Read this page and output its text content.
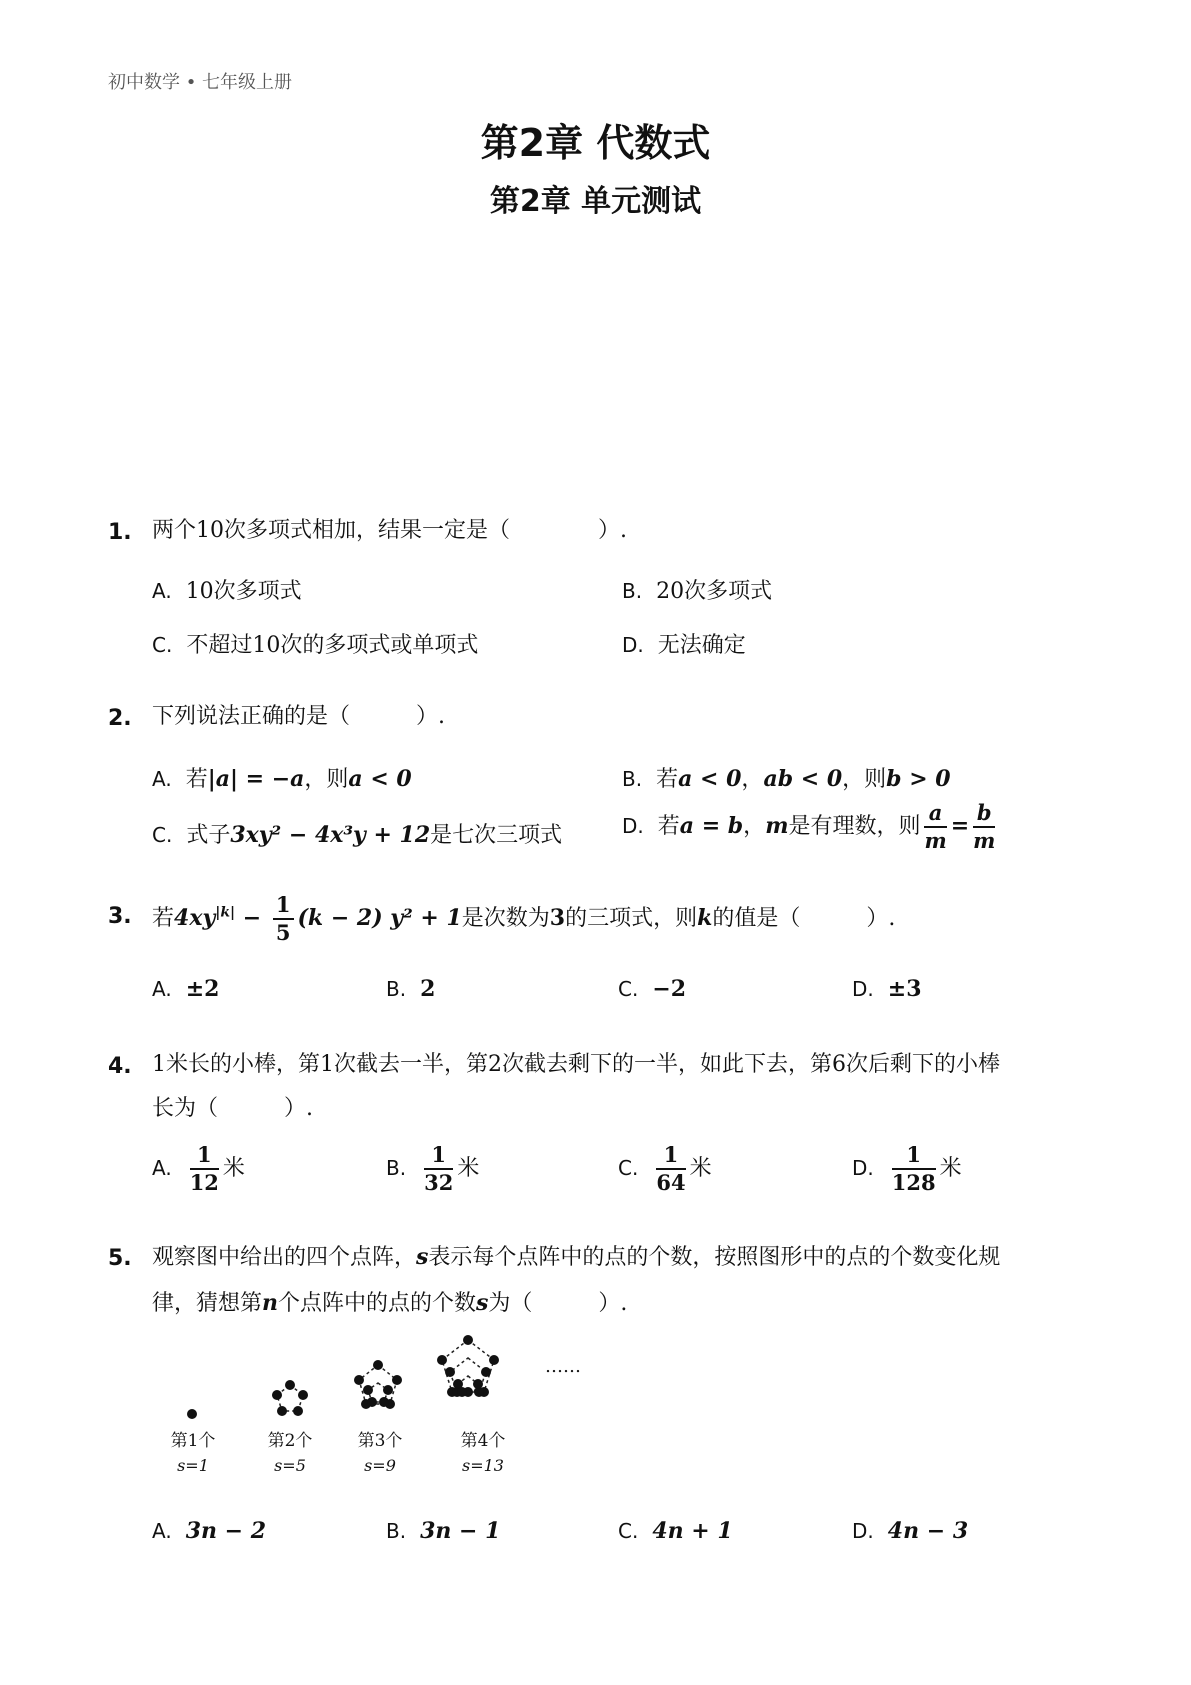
初中数学 • 七年级上册
第2章 代数式
第2章 单元测试
1. 两个10次多项式相加，结果一定是（　　　　）.
A. 10次多项式	B. 20次多项式
C. 不超过10次的多项式或单项式	D. 无法确定
2. 下列说法正确的是（　　　）.
A. 若|a| = −a，则a < 0	B. 若a < 0，ab < 0，则b > 0
C. 式子3xy² − 4x³y + 12是七次三项式	D. 若a = b，m是有理数，则 $\frac{a}{m} = \frac{b}{m}$
3. 若$4xy^{|k|} - \frac{1}{5} (k - 2) y^2 + 1$是次数为3的三项式，则k的值是（　　　）.
A. ±2	B. 2	C. −2	D. ±3
4. 1米长的小棒，第1次截去一半，第2次截去剩下的一半，如此下去，第6次后剩下的小棒
长为（　　　）.
A. $\frac{1}{12}$ 米	B. $\frac{1}{32}$ 米	C. $\frac{1}{64}$ 米	D. $\frac{1}{128}$ 米
5. 观察图中给出的四个点阵，s表示每个点阵中的点的个数，按照图形中的点的个数变化规
律，猜想第n个点阵中的点的个数s为（　　　）.
……
第1个	第2个	第3个	第4个
s=1	s=5	s=9	s=13
A. 3n − 2	B. 3n − 1	C. 4n + 1	D. 4n − 3
